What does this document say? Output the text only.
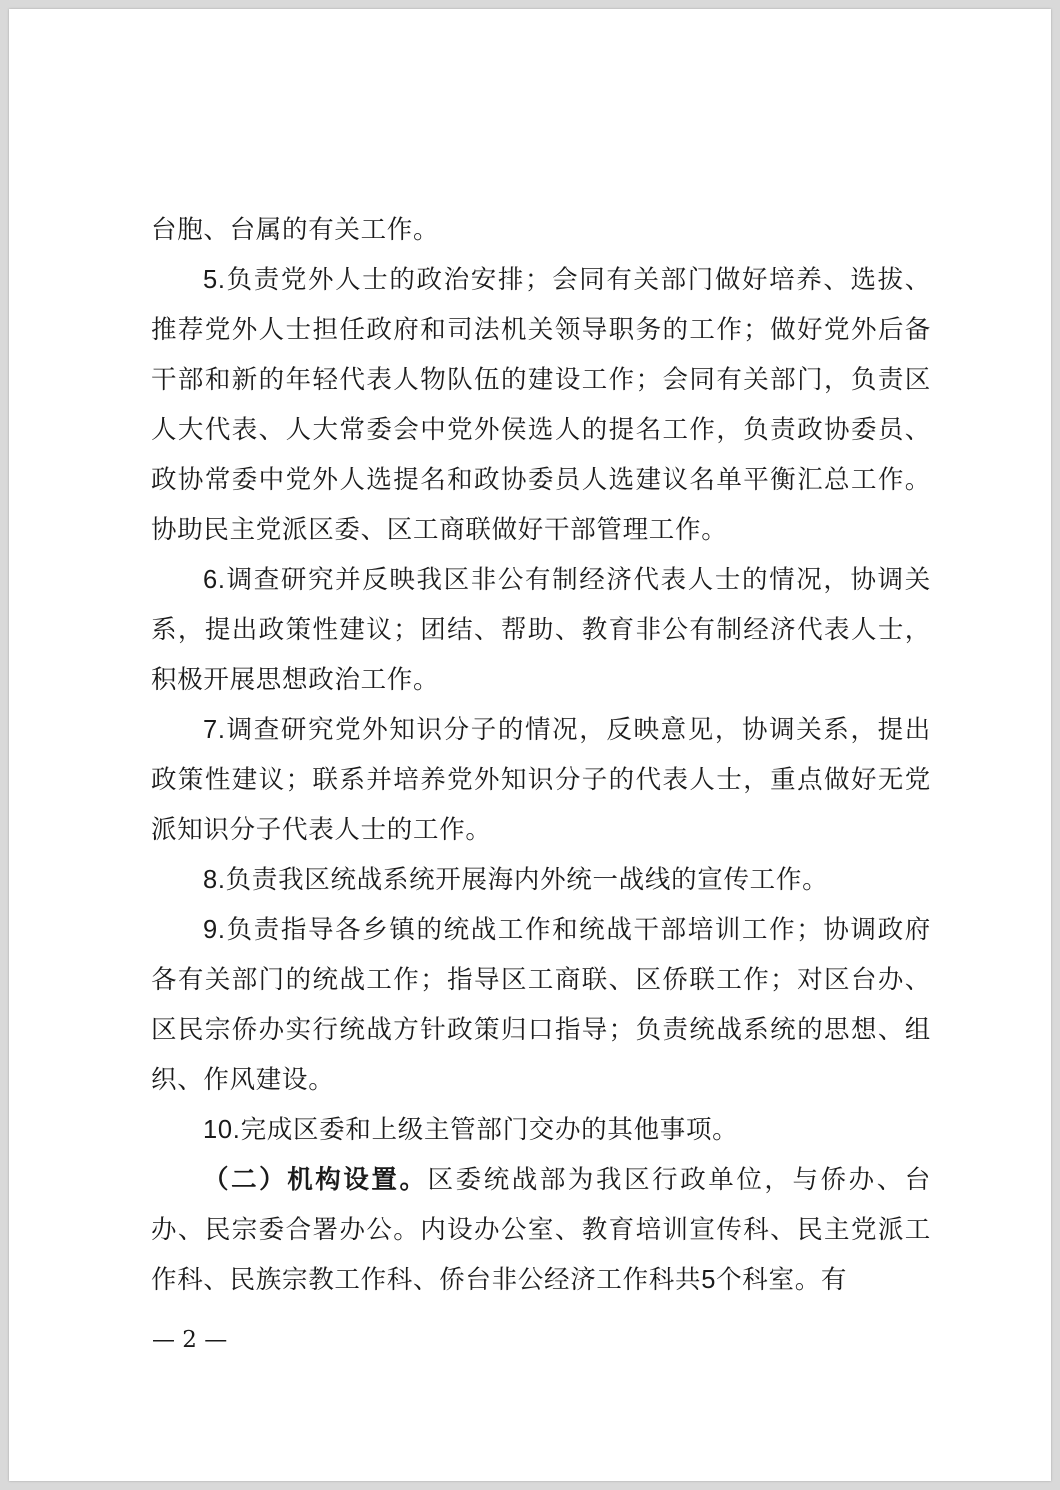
台胞、台属的有关工作。

5.负责党外人士的政治安排；会同有关部门做好培养、选拔、推荐党外人士担任政府和司法机关领导职务的工作；做好党外后备干部和新的年轻代表人物队伍的建设工作；会同有关部门，负责区人大代表、人大常委会中党外侯选人的提名工作，负责政协委员、政协常委中党外人选提名和政协委员人选建议名单平衡汇总工作。协助民主党派区委、区工商联做好干部管理工作。

6.调查研究并反映我区非公有制经济代表人士的情况，协调关系，提出政策性建议；团结、帮助、教育非公有制经济代表人士，积极开展思想政治工作。

7.调查研究党外知识分子的情况，反映意见，协调关系，提出政策性建议；联系并培养党外知识分子的代表人士，重点做好无党派知识分子代表人士的工作。

8.负责我区统战系统开展海内外统一战线的宣传工作。

9.负责指导各乡镇的统战工作和统战干部培训工作；协调政府各有关部门的统战工作；指导区工商联、区侨联工作；对区台办、区民宗侨办实行统战方针政策归口指导；负责统战系统的思想、组织、作风建设。

10.完成区委和上级主管部门交办的其他事项。

（二）机构设置。区委统战部为我区行政单位，与侨办、台办、民宗委合署办公。内设办公室、教育培训宣传科、民主党派工作科、民族宗教工作科、侨台非公经济工作科共5个科室。有

— 2 —
